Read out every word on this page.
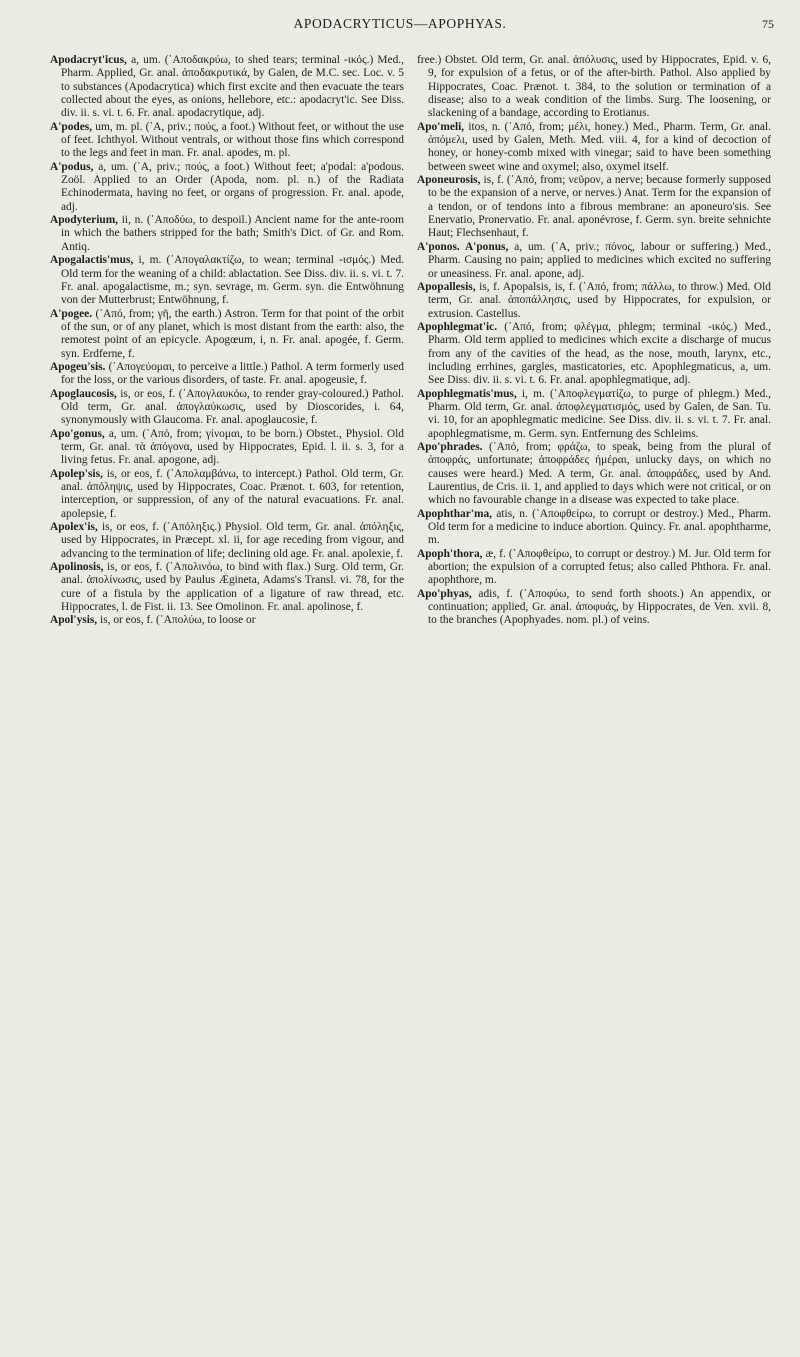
APODACRYTICUS—APOPHYAS.	75

Apodacryt'icus, a, um. (᾿Αποδακρύω, to shed tears; terminal -ικός.) Med., Pharm. Applied, Gr. anal. ἀποδακρυτικά, by Galen, de M.C. sec. Loc. v. 5 to substances (Apodacrytica) which first excite and then evacuate the tears collected about the eyes, as onions, hellebore, etc.: apodacryt'ic. See Diss. div. ii. s. vi. t. 6. Fr. anal. apodacrytique, adj.

A'podes, um, m. pl. (᾿Α, priv.; πούς, a foot.) Without feet, or without the use of feet. Ichthyol. Without ventrals, or without those fins which correspond to the legs and feet in man. Fr. anal. apodes, m. pl.

A'podus, a, um. (᾿Α, priv.; πούς, a foot.) Without feet; a'podal: a'podous. Zoöl. Applied to an Order (Apoda, nom. pl. n.) of the Radiata Echinodermata, having no feet, or organs of progression. Fr. anal. apode, adj.

Apodyterium, ii, n. (᾿Αποδύω, to despoil.) Ancient name for the ante-room in which the bathers stripped for the bath; Smith's Dict. of Gr. and Rom. Antiq.

Apogalactis'mus, i, m. (᾿Απογαλακτίζω, to wean; terminal -ισμός.) Med. Old term for the weaning of a child: ablactation. See Diss. div. ii. s. vi. t. 7. Fr. anal. apogalactisme, m.; syn. sevrage, m. Germ. syn. die Entwöhnung von der Mutterbrust; Entwöhnung, f.

A'pogee. (᾿Από, from; γῆ, the earth.) Astron. Term for that point of the orbit of the sun, or of any planet, which is most distant from the earth: also, the remotest point of an epicycle. Apogœum, i, n. Fr. anal. apogée, f. Germ. syn. Erdferne, f.

Apogeu'sis. (᾿Απογεύομαι, to perceive a little.) Pathol. A term formerly used for the loss, or the various disorders, of taste. Fr. anal. apogeusie, f.

Apoglaucosis, is, or eos, f. (᾿Απογλαυκόω, to render gray-coloured.) Pathol. Old term, Gr. anal. ἀπογλαύκωσις, used by Dioscorides, i. 64, synonymously with Glaucoma. Fr. anal. apoglaucosie, f.

Apo'gonus, a, um. (᾿Από, from; γίνομαι, to be born.) Obstet., Physiol. Old term, Gr. anal. τὰ ἀπόγονα, used by Hippocrates, Epid. l. ii. s. 3, for a living fetus. Fr. anal. apogone, adj.

Apolep'sis, is, or eos, f. (᾿Απολαμβάνω, to intercept.) Pathol. Old term, Gr. anal. ἀπόληψις, used by Hippocrates, Coac. Prænot. t. 603, for retention, interception, or suppression, of any of the natural evacuations. Fr. anal. apolepsie, f.

Apolex'is, is, or eos, f. (᾿Απόληξις.) Physiol. Old term, Gr. anal. ἀπόληξις, used by Hippocrates, in Præcept. xl. ii, for age receding from vigour, and advancing to the termination of life; declining old age. Fr. anal. apolexie, f.

Apolinosis, is, or eos, f. (᾿Απολινόω, to bind with flax.) Surg. Old term, Gr. anal. ἀπολίνωσις, used by Paulus Ægineta, Adams's Transl. vi. 78, for the cure of a fistula by the application of a ligature of raw thread, etc. Hippocrates, l. de Fist. ii. 13. See Omolinon. Fr. anal. apolinose, f.

Apol'ysis, is, or eos, f. (᾿Απολύω, to loose or

free.) Obstet. Old term, Gr. anal. ἀπόλυσις, used by Hippocrates, Epid. v. 6, 9, for expulsion of a fetus, or of the after-birth. Pathol. Also applied by Hippocrates, Coac. Prænot. t. 384, to the solution or termination of a disease; also to a weak condition of the limbs. Surg. The loosening, or slackening of a bandage, according to Erotianus.

Apo'meli, itos, n. (᾿Από, from; μέλι, honey.) Med., Pharm. Term, Gr. anal. ἀπόμελι, used by Galen, Meth. Med. viii. 4, for a kind of decoction of honey, or honey-comb mixed with vinegar; said to have been something between sweet wine and oxymel; also, oxymel itself.

Aponeurosis, is, f. (᾿Από, from; νεῦρον, a nerve; because formerly supposed to be the expansion of a nerve, or nerves.) Anat. Term for the expansion of a tendon, or of tendons into a fibrous membrane: an aponeuro'sis. See Enervatio, Pronervatio. Fr. anal. aponévrose, f. Germ. syn. breite sehnichte Haut; Flechsenhaut, f.

A'ponos. A'ponus, a, um. (᾿Α, priv.; πόνος, labour or suffering.) Med., Pharm. Causing no pain; applied to medicines which excited no suffering or uneasiness. Fr. anal. apone, adj.

Apopallesis, is, f. Apopalsis, is, f. (᾿Από, from; πάλλω, to throw.) Med. Old term, Gr. anal. ἀποπάλλησις, used by Hippocrates, for expulsion, or extrusion. Castellus.

Apophlegmat'ic. (᾿Από, from; φλέγμα, phlegm; terminal -ικός.) Med., Pharm. Old term applied to medicines which excite a discharge of mucus from any of the cavities of the head, as the nose, mouth, larynx, etc., including errhines, gargles, masticatories, etc. Apophlegmaticus, a, um. See Diss. div. ii. s. vi. t. 6. Fr. anal. apophlegmatique, adj.

Apophlegmatis'mus, i, m. (᾿Αποφλεγματίζω, to purge of phlegm.) Med., Pharm. Old term, Gr. anal. ἀποφλεγματισμός, used by Galen, de San. Tu. vi. 10, for an apophlegmatic medicine. See Diss. div. ii. s. vi. t. 7. Fr. anal. apophlegmatisme, m. Germ. syn. Entfernung des Schleims.

Apo'phrades. (᾿Από, from; φράζω, to speak, being from the plural of ἀποφράς, unfortunate; ἀποφράδες ἡμέραι, unlucky days, on which no causes were heard.) Med. A term, Gr. anal. ἀποφράδες, used by And. Laurentius, de Cris. ii. 1, and applied to days which were not critical, or on which no favourable change in a disease was expected to take place.

Apophthar'ma, atis, n. (᾿Αποφθείρω, to corrupt or destroy.) Med., Pharm. Old term for a medicine to induce abortion. Quincy. Fr. anal. apophtharme, m.

Apoph'thora, æ, f. (᾿Αποφθείρω, to corrupt or destroy.) M. Jur. Old term for abortion; the expulsion of a corrupted fetus; also called Phthora. Fr. anal. apophthore, m.

Apo'phyas, adis, f. (᾿Αποφύω, to send forth shoots.) An appendix, or continuation; applied, Gr. anal. ἀποφυάς, by Hippocrates, de Ven. xvii. 8, to the branches (Apophyades. nom. pl.) of veins.
